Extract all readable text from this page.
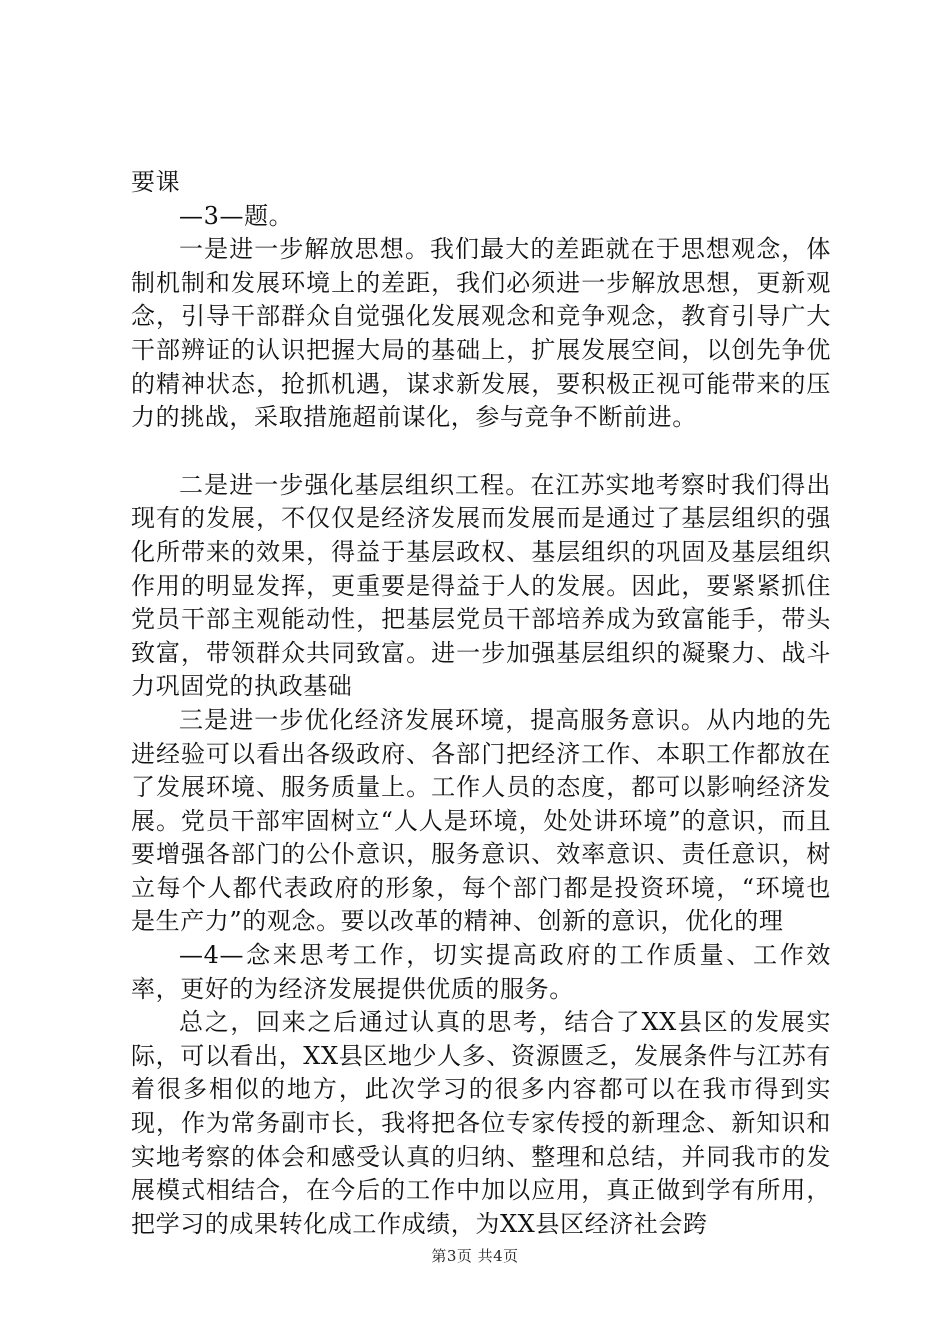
要课

—3—题。

一是进一步解放思想。我们最大的差距就在于思想观念，体制机制和发展环境上的差距，我们必须进一步解放思想，更新观念，引导干部群众自觉强化发展观念和竞争观念，教育引导广大干部辨证的认识把握大局的基础上，扩展发展空间，以创先争优的精神状态，抢抓机遇，谋求新发展，要积极正视可能带来的压力的挑战，采取措施超前谋化，参与竞争不断前进。

二是进一步强化基层组织工程。在江苏实地考察时我们得出现有的发展，不仅仅是经济发展而发展而是通过了基层组织的强化所带来的效果，得益于基层政权、基层组织的巩固及基层组织作用的明显发挥，更重要是得益于人的发展。因此，要紧紧抓住党员干部主观能动性，把基层党员干部培养成为致富能手，带头致富，带领群众共同致富。进一步加强基层组织的凝聚力、战斗力巩固党的执政基础

三是进一步优化经济发展环境，提高服务意识。从内地的先进经验可以看出各级政府、各部门把经济工作、本职工作都放在了发展环境、服务质量上。工作人员的态度，都可以影响经济发展。党员干部牢固树立“人人是环境，处处讲环境”的意识，而且要增强各部门的公仆意识，服务意识、效率意识、责任意识，树立每个人都代表政府的形象，每个部门都是投资环境，“环境也是生产力”的观念。要以改革的精神、创新的意识，优化的理

—4—念来思考工作，切实提高政府的工作质量、工作效率，更好的为经济发展提供优质的服务。

总之，回来之后通过认真的思考，结合了XX县区的发展实际，可以看出，XX县区地少人多、资源匮乏，发展条件与江苏有着很多相似的地方，此次学习的很多内容都可以在我市得到实现，作为常务副市长，我将把各位专家传授的新理念、新知识和实地考察的体会和感受认真的归纳、整理和总结，并同我市的发展模式相结合，在今后的工作中加以应用，真正做到学有所用，把学习的成果转化成工作成绩，为XX县区经济社会跨

第3页 共4页
